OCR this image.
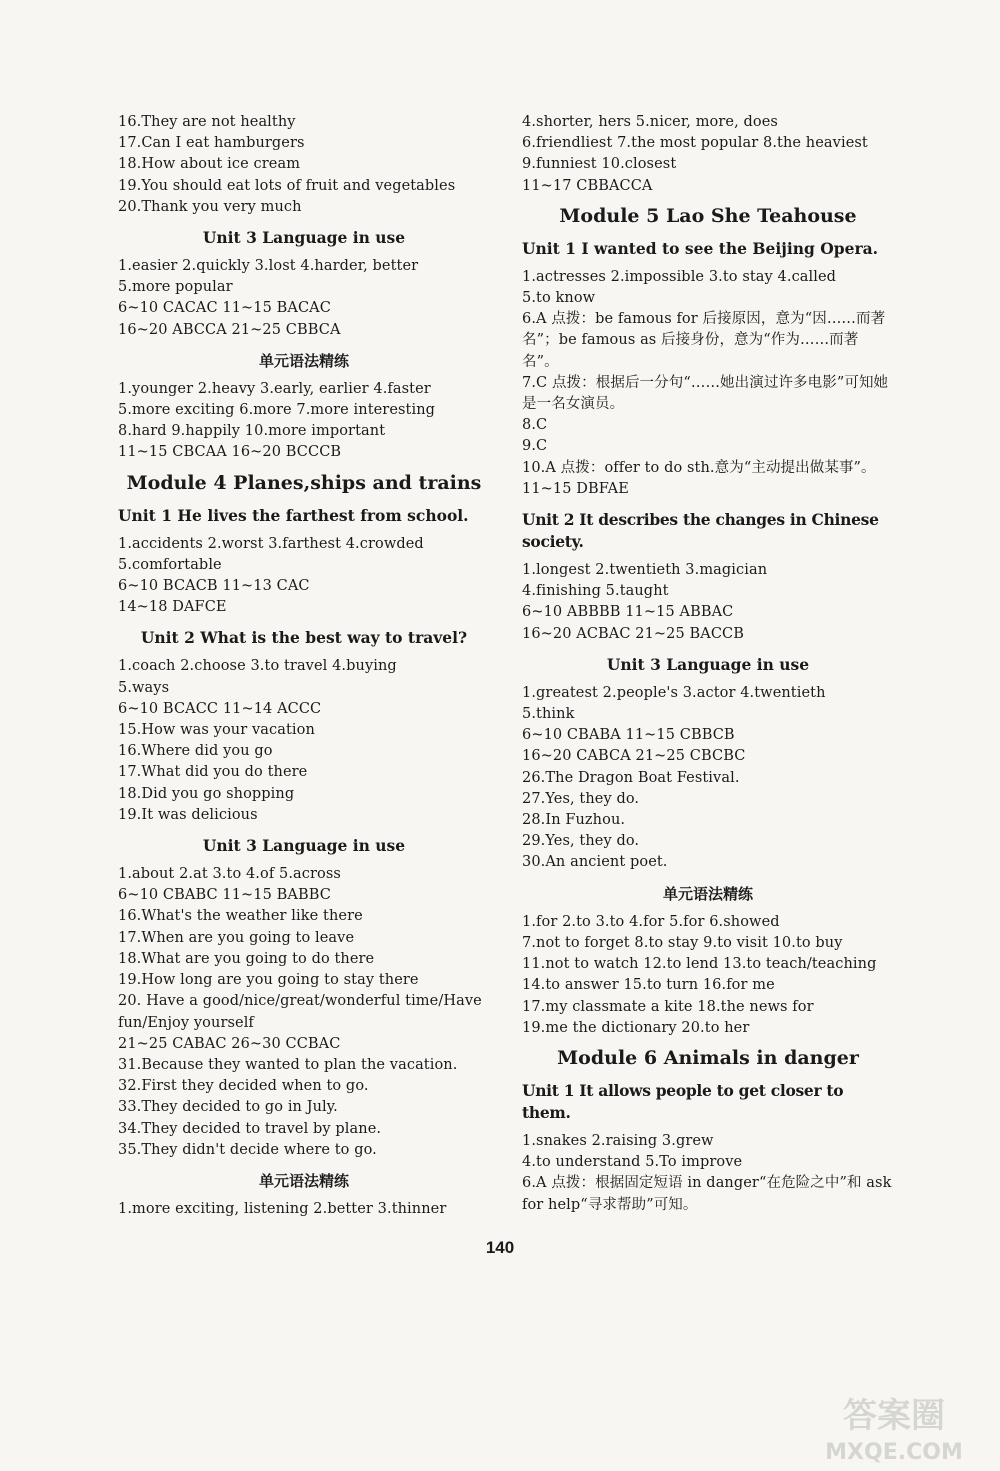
16.They are not healthy
17.Can I eat hamburgers
18.How about ice cream
19.You should eat lots of fruit and vegetables
20.Thank you very much
Unit 3 Language in use
1.easier 2.quickly 3.lost 4.harder, better
5.more popular
6~10 CACAC 11~15 BACAC
16~20 ABCCA 21~25 CBBCA
单元语法精练
1.younger 2.heavy 3.early, earlier 4.faster
5.more exciting 6.more 7.more interesting
8.hard 9.happily 10.more important
11~15 CBCAA 16~20 BCCCB
Module 4 Planes,ships and trains
Unit 1 He lives the farthest from school.
1.accidents 2.worst 3.farthest 4.crowded
5.comfortable
6~10 BCACB 11~13 CAC
14~18 DAFCE
Unit 2 What is the best way to travel?
1.coach 2.choose 3.to travel 4.buying
5.ways
6~10 BCACC 11~14 ACCC
15.How was your vacation
16.Where did you go
17.What did you do there
18.Did you go shopping
19.It was delicious
Unit 3 Language in use
1.about 2.at 3.to 4.of 5.across
6~10 CBABC 11~15 BABBC
16.What's the weather like there
17.When are you going to leave
18.What are you going to do there
19.How long are you going to stay there
20. Have a good/nice/great/wonderful time/Have fun/Enjoy yourself
21~25 CABAC 26~30 CCBAC
31.Because they wanted to plan the vacation.
32.First they decided when to go.
33.They decided to go in July.
34.They decided to travel by plane.
35.They didn't decide where to go.
单元语法精练
1.more exciting, listening 2.better 3.thinner
4.shorter, hers 5.nicer, more, does
6.friendliest 7.the most popular 8.the heaviest
9.funniest 10.closest
11~17 CBBACCA
Module 5 Lao She Teahouse
Unit 1 I wanted to see the Beijing Opera.
1.actresses 2.impossible 3.to stay 4.called
5.to know
6.A 点拨：be famous for 后接原因，意为“因……而著名”；be famous as 后接身份，意为“作为……而著名”。
7.C 点拨：根据后一分句“……她出演过许多电影”可知她是一名女演员。
8.C
9.C
10.A 点拨：offer to do sth.意为“主动提出做某事”。
11~15 DBFAE
Unit 2 It describes the changes in Chinese society.
1.longest 2.twentieth 3.magician
4.finishing 5.taught
6~10 ABBBB 11~15 ABBAC
16~20 ACBAC 21~25 BACCB
Unit 3 Language in use
1.greatest 2.people's 3.actor 4.twentieth
5.think
6~10 CBABA 11~15 CBBCB
16~20 CABCA 21~25 CBCBC
26.The Dragon Boat Festival.
27.Yes, they do.
28.In Fuzhou.
29.Yes, they do.
30.An ancient poet.
单元语法精练
1.for 2.to 3.to 4.for 5.for 6.showed
7.not to forget 8.to stay 9.to visit 10.to buy
11.not to watch 12.to lend 13.to teach/teaching
14.to answer 15.to turn 16.for me
17.my classmate a kite 18.the news for
19.me the dictionary 20.to her
Module 6 Animals in danger
Unit 1 It allows people to get closer to them.
1.snakes 2.raising 3.grew
4.to understand 5.To improve
6.A 点拨：根据固定短语 in danger“在危险之中”和 ask for help“寻求帮助”可知。
140
答案圈
MXQE.COM
